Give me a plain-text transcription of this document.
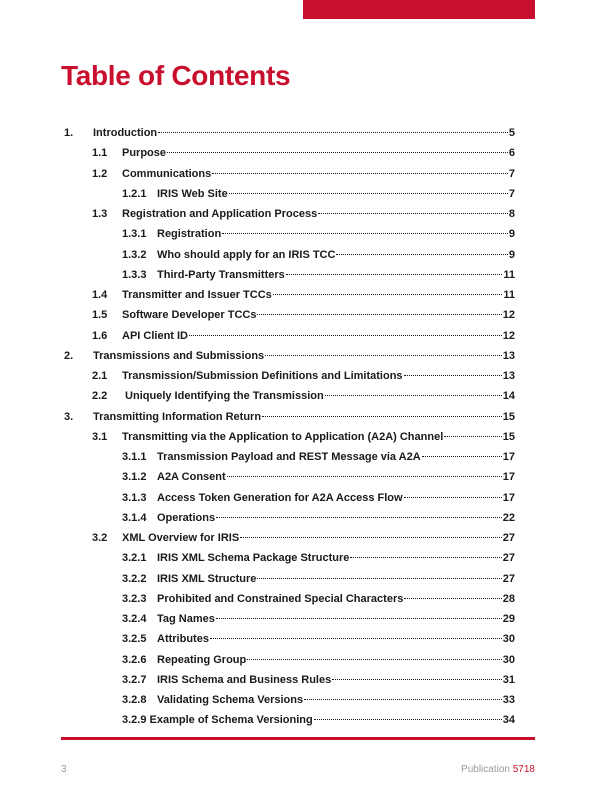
Table of Contents
1.	Introduction	5
1.1	Purpose	6
1.2	Communications	7
1.2.1 IRIS Web Site	7
1.3	Registration and Application Process	8
1.3.1 Registration	9
1.3.2 Who should apply for an IRIS TCC	9
1.3.3 Third-Party Transmitters	11
1.4	Transmitter and Issuer TCCs	11
1.5	Software Developer TCCs	12
1.6	API Client ID	12
2.	Transmissions and Submissions	13
2.1	Transmission/Submission Definitions and Limitations	13
2.2	Uniquely Identifying the Transmission	14
3.	Transmitting Information Return	15
3.1	Transmitting via the Application to Application (A2A) Channel	15
3.1.1 Transmission Payload and REST Message via A2A	17
3.1.2 A2A Consent	17
3.1.3 Access Token Generation for A2A Access Flow	17
3.1.4 Operations	22
3.2	XML Overview for IRIS	27
3.2.1 IRIS XML Schema Package Structure	27
3.2.2 IRIS XML Structure	27
3.2.3 Prohibited and Constrained Special Characters	28
3.2.4 Tag Names	29
3.2.5 Attributes	30
3.2.6 Repeating Group	30
3.2.7 IRIS Schema and Business Rules	31
3.2.8 Validating Schema Versions	33
3.2.9 Example of Schema Versioning	34
3	Publication 5718
